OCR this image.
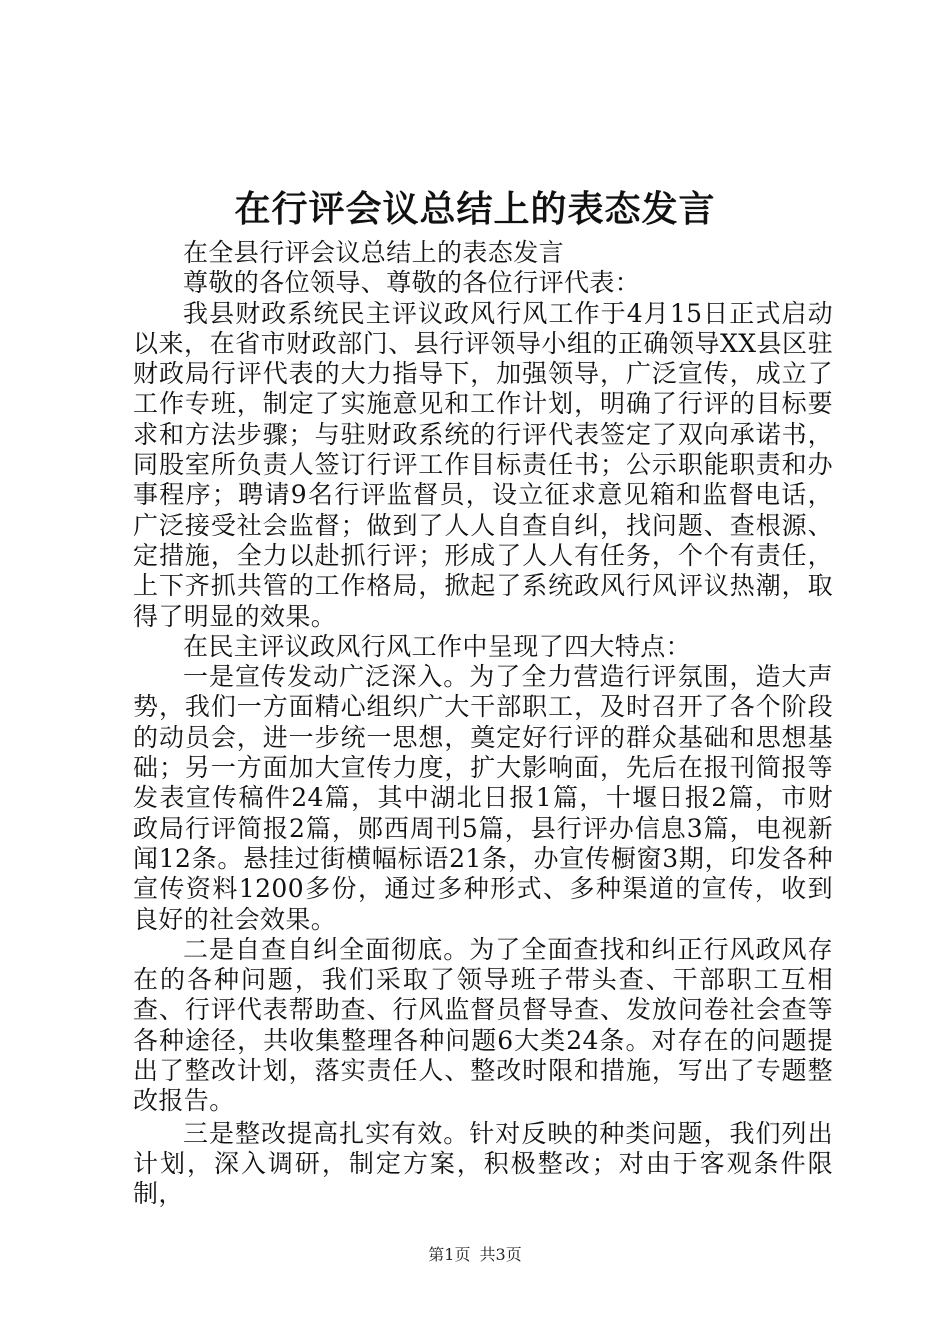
在行评会议总结上的表态发言

在全县行评会议总结上的表态发言

尊敬的各位领导、尊敬的各位行评代表：

我县财政系统民主评议政风行风工作于4月15日正式启动以来，在省市财政部门、县行评领导小组的正确领导XX县区驻财政局行评代表的大力指导下，加强领导，广泛宣传，成立了工作专班，制定了实施意见和工作计划，明确了行评的目标要求和方法步骤；与驻财政系统的行评代表签定了双向承诺书，同股室所负责人签订行评工作目标责任书；公示职能职责和办事程序；聘请9名行评监督员，设立征求意见箱和监督电话，广泛接受社会监督；做到了人人自查自纠，找问题、查根源、定措施，全力以赴抓行评；形成了人人有任务，个个有责任，上下齐抓共管的工作格局，掀起了系统政风行风评议热潮，取得了明显的效果。

在民主评议政风行风工作中呈现了四大特点：

一是宣传发动广泛深入。为了全力营造行评氛围，造大声势，我们一方面精心组织广大干部职工，及时召开了各个阶段的动员会，进一步统一思想，奠定好行评的群众基础和思想基础；另一方面加大宣传力度，扩大影响面，先后在报刊简报等发表宣传稿件24篇，其中湖北日报1篇，十堰日报2篇，市财政局行评简报2篇，郧西周刊5篇，县行评办信息3篇，电视新闻12条。悬挂过街横幅标语21条，办宣传橱窗3期，印发各种宣传资料1200多份，通过多种形式、多种渠道的宣传，收到良好的社会效果。

二是自查自纠全面彻底。为了全面查找和纠正行风政风存在的各种问题，我们采取了领导班子带头查、干部职工互相查、行评代表帮助查、行风监督员督导查、发放问卷社会查等各种途径，共收集整理各种问题6大类24条。对存在的问题提出了整改计划，落实责任人、整改时限和措施，写出了专题整改报告。

三是整改提高扎实有效。针对反映的种类问题，我们列出计划，深入调研，制定方案，积极整改；对由于客观条件限制，

第1页 共3页
